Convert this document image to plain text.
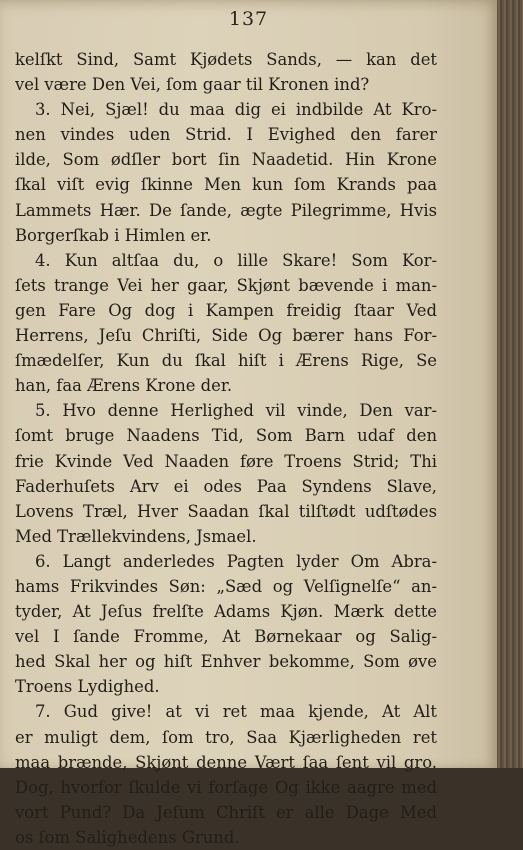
137
kelſkt Sind, Samt Kjødets Sands, — kan det
vel være Den Vei, ſom gaar til Kronen ind?
3. Nei, Sjæl! du maa dig ei indbilde At Kro-
nen vindes uden Strid. I Evighed den farer
ilde, Som ødſler bort ſin Naadetid. Hin Krone
ſkal viſt evig ſkinne Men kun ſom Krands paa
Lammets Hær. De ſande, ægte Pilegrimme, Hvis
Borgerſkab i Himlen er.
4. Kun altſaa du, o lille Skare! Som Kor-
ſets trange Vei her gaar, Skjønt bævende i man-
gen Fare Og dog i Kampen freidig ſtaar Ved
Herrens, Jeſu Chriſti, Side Og bærer hans For-
ſmædelſer, Kun du ſkal hiſt i Ærens Rige, Se
han, faa Ærens Krone der.
5. Hvo denne Herlighed vil vinde, Den var-
ſomt bruge Naadens Tid, Som Barn udaf den
frie Kvinde Ved Naaden føre Troens Strid; Thi
Faderhuſets Arv ei odes Paa Syndens Slave,
Lovens Træl, Hver Saadan ſkal tilſtødt udſtødes
Med Trællekvindens, Jsmael.
6. Langt anderledes Pagten lyder Om Abra-
hams Frikvindes Søn: „Sæd og Velſignelſe“ an-
tyder, At Jeſus frelſte Adams Kjøn. Mærk dette
vel I ſande Fromme, At Børnekaar og Salig-
hed Skal her og hiſt Enhver bekomme, Som øve
Troens Lydighed.
7. Gud give! at vi ret maa kjende, At Alt
er muligt dem, ſom tro, Saa Kjærligheden ret
maa brænde, Skjønt denne Vært ſaa ſent vil gro.
Dog, hvorfor ſkulde vi forſage Og ikke aagre med
vort Pund? Da Jeſum Chriſt er alle Dage Med
os ſom Salighedens Grund.
